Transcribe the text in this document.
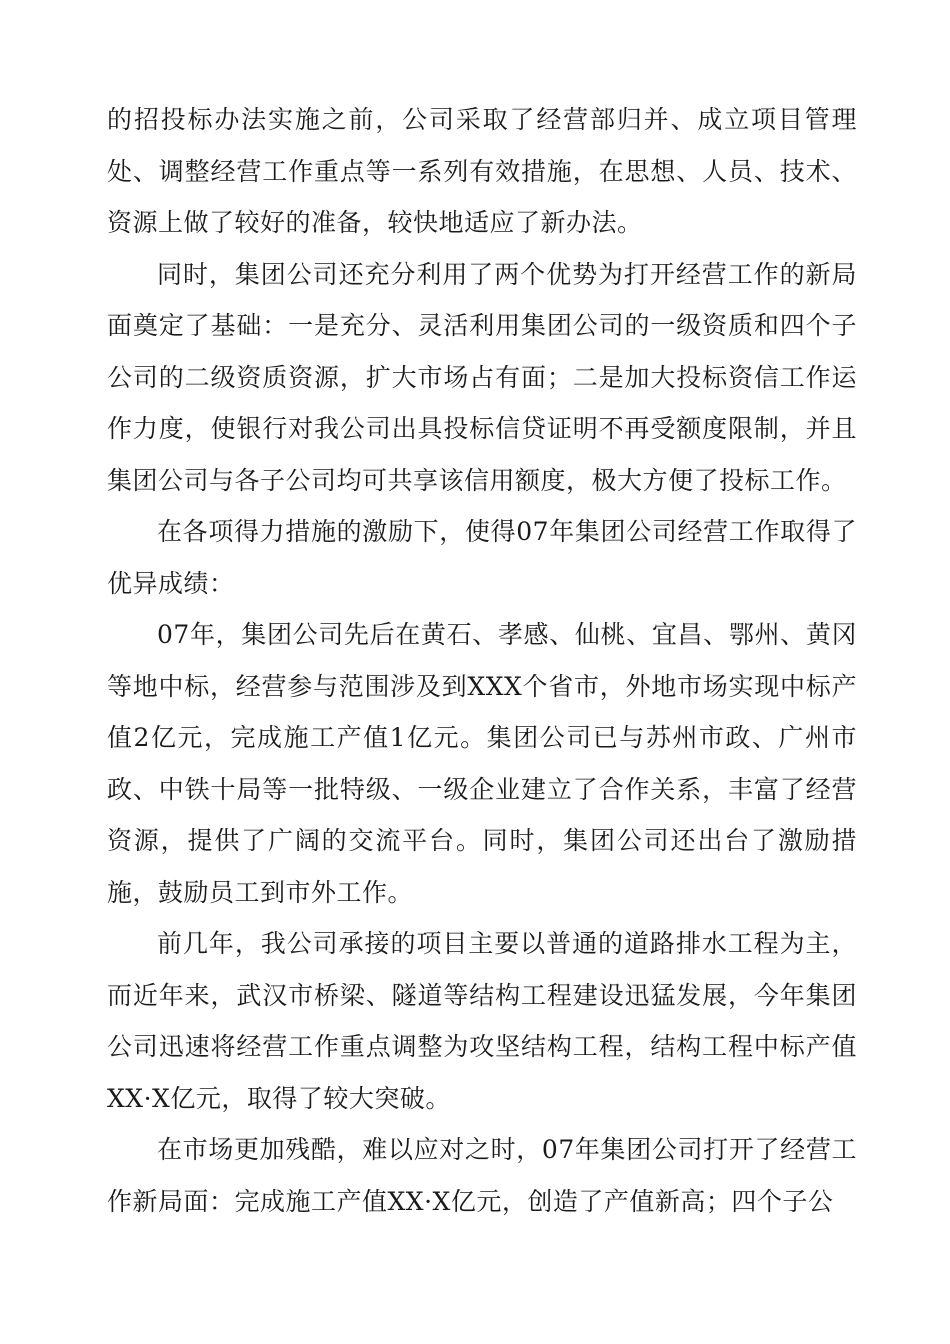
的招投标办法实施之前，公司采取了经营部归并、成立项目管理处、调整经营工作重点等一系列有效措施，在思想、人员、技术、资源上做了较好的准备，较快地适应了新办法。

同时，集团公司还充分利用了两个优势为打开经营工作的新局面奠定了基础：一是充分、灵活利用集团公司的一级资质和四个子公司的二级资质资源，扩大市场占有面；二是加大投标资信工作运作力度，使银行对我公司出具投标信贷证明不再受额度限制，并且集团公司与各子公司均可共享该信用额度，极大方便了投标工作。

在各项得力措施的激励下，使得07年集团公司经营工作取得了优异成绩：

07年，集团公司先后在黄石、孝感、仙桃、宜昌、鄂州、黄冈等地中标，经营参与范围涉及到XXX个省市，外地市场实现中标产值2亿元，完成施工产值1亿元。集团公司已与苏州市政、广州市政、中铁十局等一批特级、一级企业建立了合作关系，丰富了经营资源，提供了广阔的交流平台。同时，集团公司还出台了激励措施，鼓励员工到市外工作。

前几年，我公司承接的项目主要以普通的道路排水工程为主，而近年来，武汉市桥梁、隧道等结构工程建设迅猛发展，今年集团公司迅速将经营工作重点调整为攻坚结构工程，结构工程中标产值XX·X亿元，取得了较大突破。

在市场更加残酷，难以应对之时，07年集团公司打开了经营工作新局面：完成施工产值XX·X亿元，创造了产值新高；四个子公
